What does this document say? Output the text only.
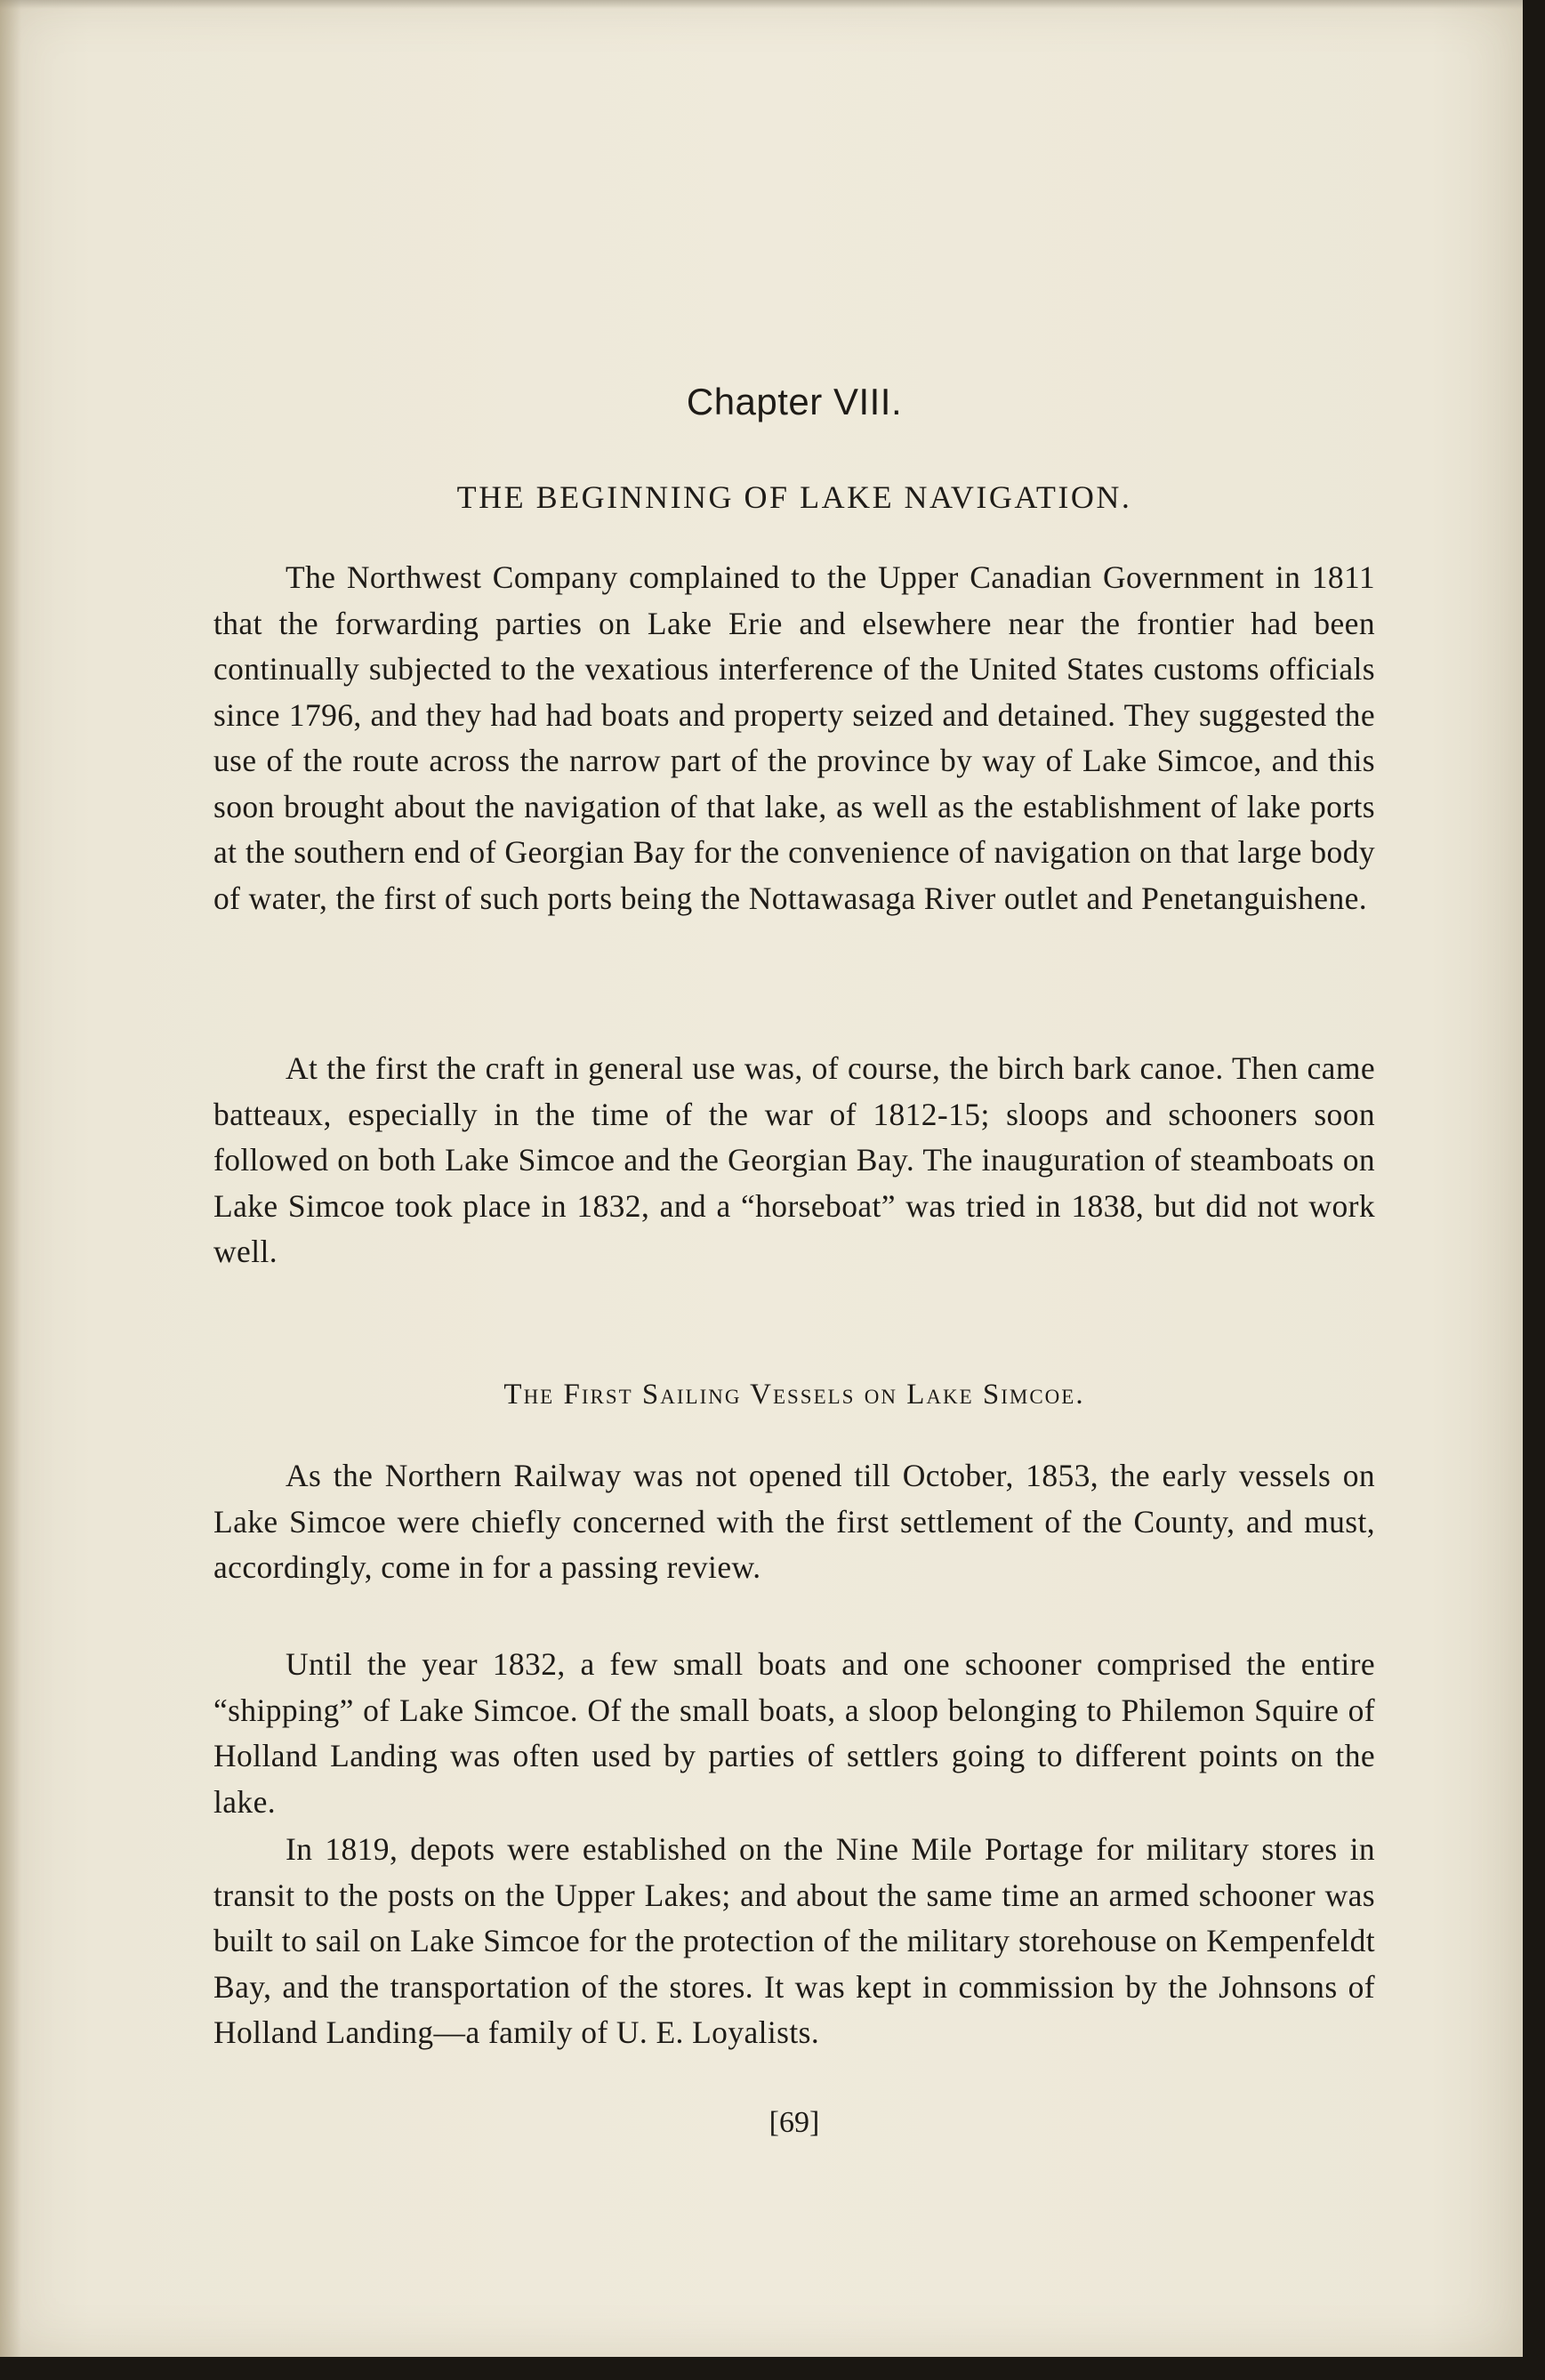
Chapter VIII.
THE BEGINNING OF LAKE NAVIGATION.

The Northwest Company complained to the Upper Canadian Government in 1811 that the forwarding parties on Lake Erie and elsewhere near the frontier had been continually subjected to the vexatious interference of the United States customs officials since 1796, and they had had boats and property seized and detained. They suggested the use of the route across the narrow part of the province by way of Lake Simcoe, and this soon brought about the navigation of that lake, as well as the establishment of lake ports at the southern end of Georgian Bay for the convenience of navigation on that large body of water, the first of such ports being the Nottawasaga River outlet and Penetanguishene.

At the first the craft in general use was, of course, the birch bark canoe. Then came batteaux, especially in the time of the war of 1812-15; sloops and schooners soon followed on both Lake Simcoe and the Georgian Bay. The inauguration of steamboats on Lake Simcoe took place in 1832, and a “horseboat” was tried in 1838, but did not work well.

The First Sailing Vessels on Lake Simcoe.

As the Northern Railway was not opened till October, 1853, the early vessels on Lake Simcoe were chiefly concerned with the first settlement of the County, and must, accordingly, come in for a passing review.

Until the year 1832, a few small boats and one schooner comprised the entire “shipping” of Lake Simcoe. Of the small boats, a sloop belonging to Philemon Squire of Holland Landing was often used by parties of settlers going to different points on the lake.

In 1819, depots were established on the Nine Mile Portage for military stores in transit to the posts on the Upper Lakes; and about the same time an armed schooner was built to sail on Lake Simcoe for the protection of the military storehouse on Kempenfeldt Bay, and the transportation of the stores. It was kept in commission by the Johnsons of Holland Landing—a family of U. E. Loyalists.

[69]
